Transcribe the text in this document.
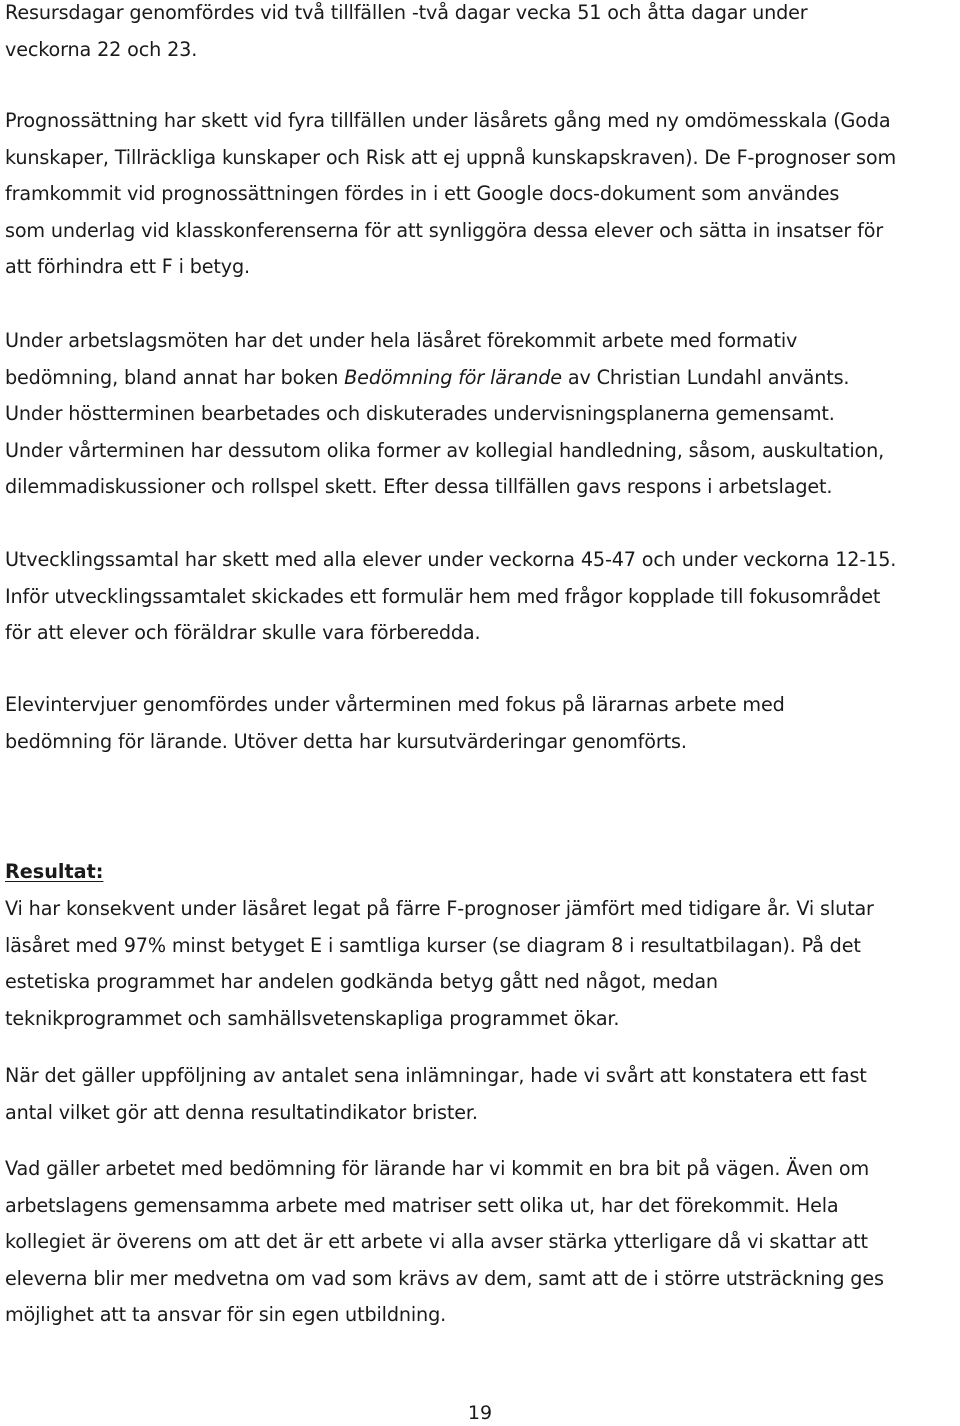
Resursdagar genomfördes vid två tillfällen -två dagar vecka 51 och åtta dagar under
veckorna 22 och 23.
Prognossättning har skett vid fyra tillfällen under läsårets gång med ny omdömesskala (Goda
kunskaper, Tillräckliga kunskaper och Risk att ej uppnå kunskapskraven). De F-prognoser som
framkommit vid prognossättningen fördes in i ett Google docs-dokument som användes
som underlag vid klasskonferenserna för att synliggöra dessa elever och sätta in insatser för
att förhindra ett F i betyg.
Under arbetslagsmöten har det under hela läsåret förekommit arbete med formativ
bedömning, bland annat har boken Bedömning för lärande av Christian Lundahl använts.
Under höstterminen bearbetades och diskuterades undervisningsplanerna gemensamt.
Under vårterminen har dessutom olika former av kollegial handledning, såsom, auskultation,
dilemmadiskussioner och rollspel skett. Efter dessa tillfällen gavs respons i arbetslaget.
Utvecklingssamtal har skett med alla elever under veckorna 45-47 och under veckorna 12-15.
Inför utvecklingssamtalet skickades ett formulär hem med frågor kopplade till fokusområdet
för att elever och föräldrar skulle vara förberedda.
Elevintervjuer genomfördes under vårterminen med fokus på lärarnas arbete med
bedömning för lärande. Utöver detta har kursutvärderingar genomförts.
Resultat:
Vi har konsekvent under läsåret legat på färre F-prognoser jämfört med tidigare år. Vi slutar
läsåret med 97% minst betyget E i samtliga kurser (se diagram 8 i resultatbilagan). På det
estetiska programmet har andelen godkända betyg gått ned något, medan
teknikprogrammet och samhällsvetenskapliga programmet ökar.
När det gäller uppföljning av antalet sena inlämningar, hade vi svårt att konstatera ett fast
antal vilket gör att denna resultatindikator brister.
Vad gäller arbetet med bedömning för lärande har vi kommit en bra bit på vägen. Även om
arbetslagens gemensamma arbete med matriser sett olika ut, har det förekommit. Hela
kollegiet är överens om att det är ett arbete vi alla avser stärka ytterligare då vi skattar att
eleverna blir mer medvetna om vad som krävs av dem, samt att de i större utsträckning ges
möjlighet att ta ansvar för sin egen utbildning.
19
